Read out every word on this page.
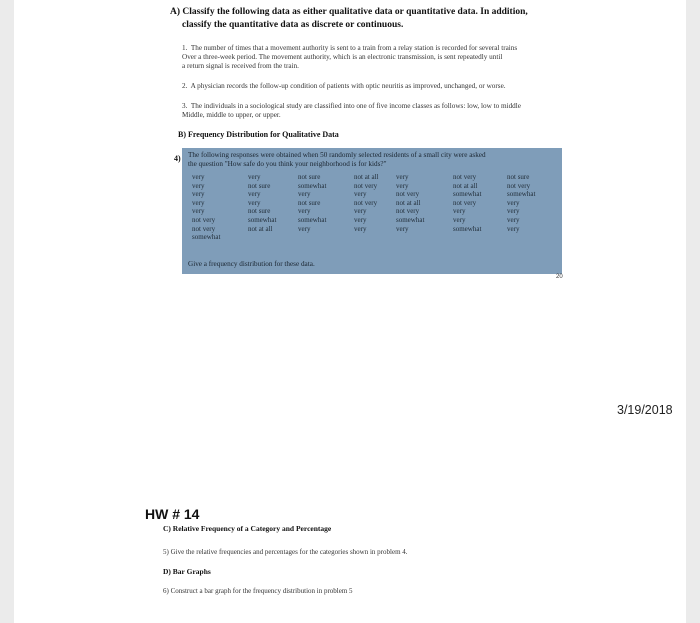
A) Classify the following data as either qualitative data or quantitative data. In addition,
classify the quantitative data as discrete or continuous.
1. The number of times that a movement authority is sent to a train from a relay station is recorded for several trains
Over a three-week period. The movement authority, which is an electronic transmission, is sent repeatedly until
a return signal is received from the train.
2. A physician records the follow-up condition of patients with optic neuritis as improved, unchanged, or worse.
3. The individuals in a sociological study are classified into one of five income classes as follows: low, low to middle
Middle, middle to upper, or upper.
B) Frequency Distribution for Qualitative Data
4) The following responses were obtained when 50 randomly selected residents of a small city were asked
the question "How safe do you think your neighborhood is for kids?"
very	very	not sure	not at all	very	not very	not sure
very	not sure	somewhat	not very	very	not at all	not very
very	very	very	very	not very	somewhat	somewhat
very	very	not sure	not very	not at all	not very	very
very	not sure	very	very	not very	very	very
not very	somewhat	somewhat	very	somewhat	very	very
not very	not at all	very	very	very	somewhat	very
somewhat
Give a frequency distribution for these data.
20
3/19/2018
HW # 14
C) Relative Frequency of a Category and Percentage
5) Give the relative frequencies and percentages for the categories shown in problem 4.
D) Bar Graphs
6) Construct a bar graph for the frequency distribution in problem 5
